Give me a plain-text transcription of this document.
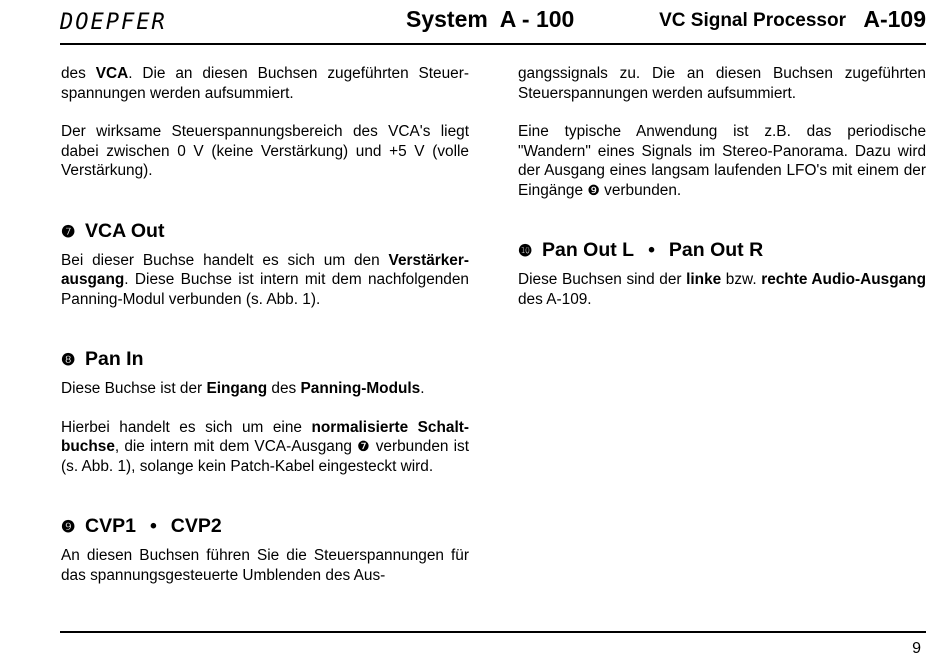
DOEPFER	System  A - 100	VC Signal Processor A-109

des VCA. Die an diesen Buchsen zugeführten Steuerspannungen werden aufsummiert.

Der wirksame Steuerspannungsbereich des VCA's liegt dabei zwischen 0 V (keine Verstärkung) und +5 V (volle Verstärkung).

❼ VCA Out

Bei dieser Buchse handelt es sich um den Verstärkerausgang. Diese Buchse ist intern mit dem nachfolgenden Panning-Modul verbunden (s. Abb. 1).

❽ Pan In

Diese Buchse ist der Eingang des Panning-Moduls.

Hierbei handelt es sich um eine normalisierte Schaltbuchse, die intern mit dem VCA-Ausgang ❼ verbunden ist (s. Abb. 1), solange kein Patch-Kabel eingesteckt wird.

❾ CVP1 • CVP2

An diesen Buchsen führen Sie die Steuerspannungen für das spannungsgesteuerte Umblenden des Aus-

gangssignals zu. Die an diesen Buchsen zugeführten Steuerspannungen werden aufsummiert.

Eine typische Anwendung ist z.B. das periodische "Wandern" eines Signals im Stereo-Panorama. Dazu wird der Ausgang eines langsam laufenden LFO's mit einem der Eingänge ❾ verbunden.

❿ Pan Out L • Pan Out R

Diese Buchsen sind der linke bzw. rechte Audio-Ausgang des A-109.

9
